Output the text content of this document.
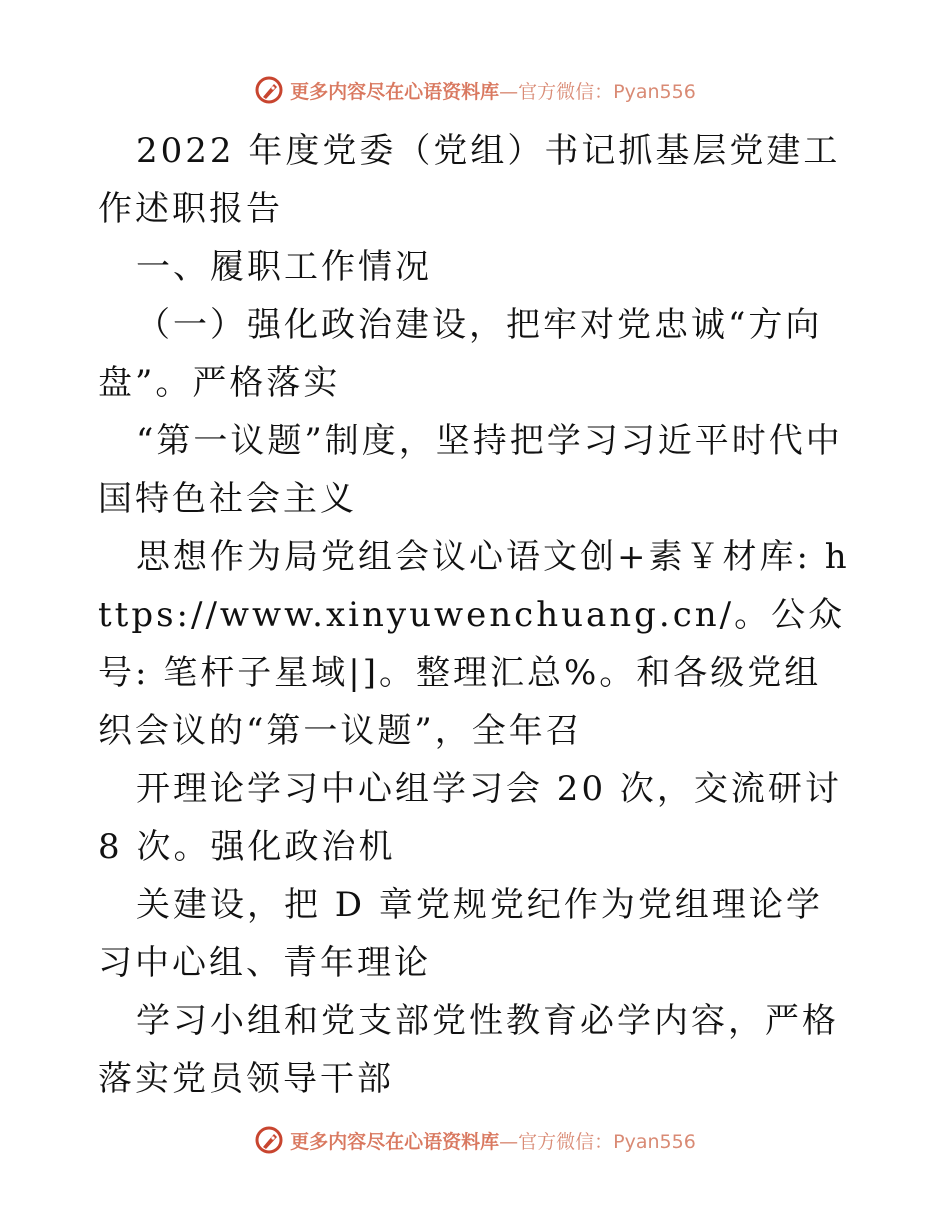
更多内容尽在心语资料库—官方微信：Pyan556

2022 年度党委（党组）书记抓基层党建工作述职报告

一、履职工作情况

（一）强化政治建设，把牢对党忠诚“方向盘”。严格落实

“第一议题”制度，坚持把学习习近平时代中国特色社会主义

思想作为局党组会议心语文创+素￥材库: https://www.xinyuwenchuang.cn/。公众号: 笔杆子星域|]。整理汇总%。和各级党组织会议的“第一议题”，全年召

开理论学习中心组学习会 20 次，交流研讨 8 次。强化政治机

关建设，把 D 章党规党纪作为党组理论学习中心组、青年理论

学习小组和党支部党性教育必学内容，严格落实党员领导干部

更多内容尽在心语资料库—官方微信：Pyan556
